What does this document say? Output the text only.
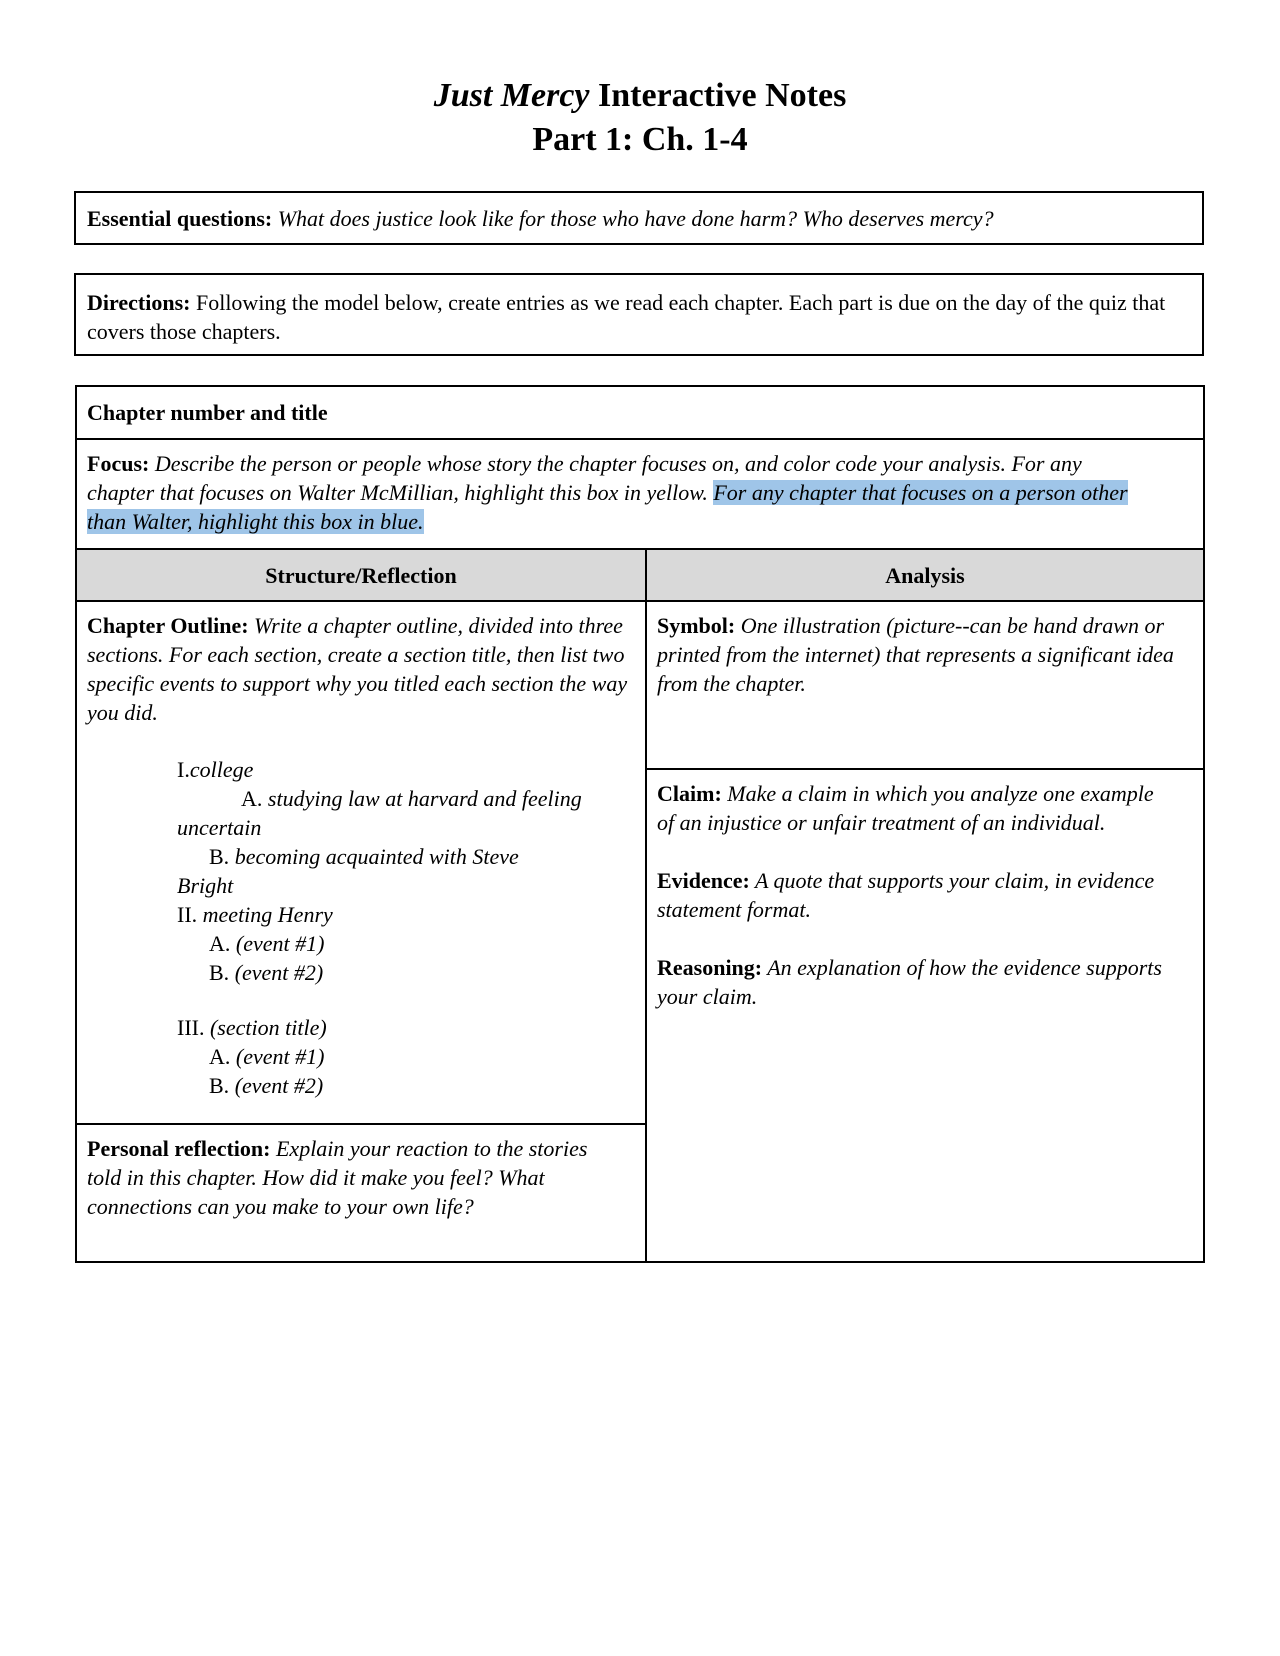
Just Mercy Interactive Notes
Part 1: Ch. 1-4
Essential questions: What does justice look like for those who have done harm? Who deserves mercy?
Directions: Following the model below, create entries as we read each chapter. Each part is due on the day of the quiz that covers those chapters.
Chapter number and title
Focus: Describe the person or people whose story the chapter focuses on, and color code your analysis. For any chapter that focuses on Walter McMillian, highlight this box in yellow. For any chapter that focuses on a person other than Walter, highlight this box in blue.
Structure/Reflection	Analysis
Chapter Outline: Write a chapter outline, divided into three sections. For each section, create a section title, then list two specific events to support why you titled each section the way you did.
I.college
A. studying law at harvard and feeling
uncertain
B. becoming acquainted with Steve
Bright
II. meeting Henry
A. (event #1)
B. (event #2)
III. (section title)
A. (event #1)
B. (event #2)
Personal reflection: Explain your reaction to the stories told in this chapter. How did it make you feel? What connections can you make to your own life?
Symbol: One illustration (picture--can be hand drawn or printed from the internet) that represents a significant idea from the chapter.
Claim: Make a claim in which you analyze one example of an injustice or unfair treatment of an individual.
Evidence: A quote that supports your claim, in evidence statement format.
Reasoning: An explanation of how the evidence supports your claim.
